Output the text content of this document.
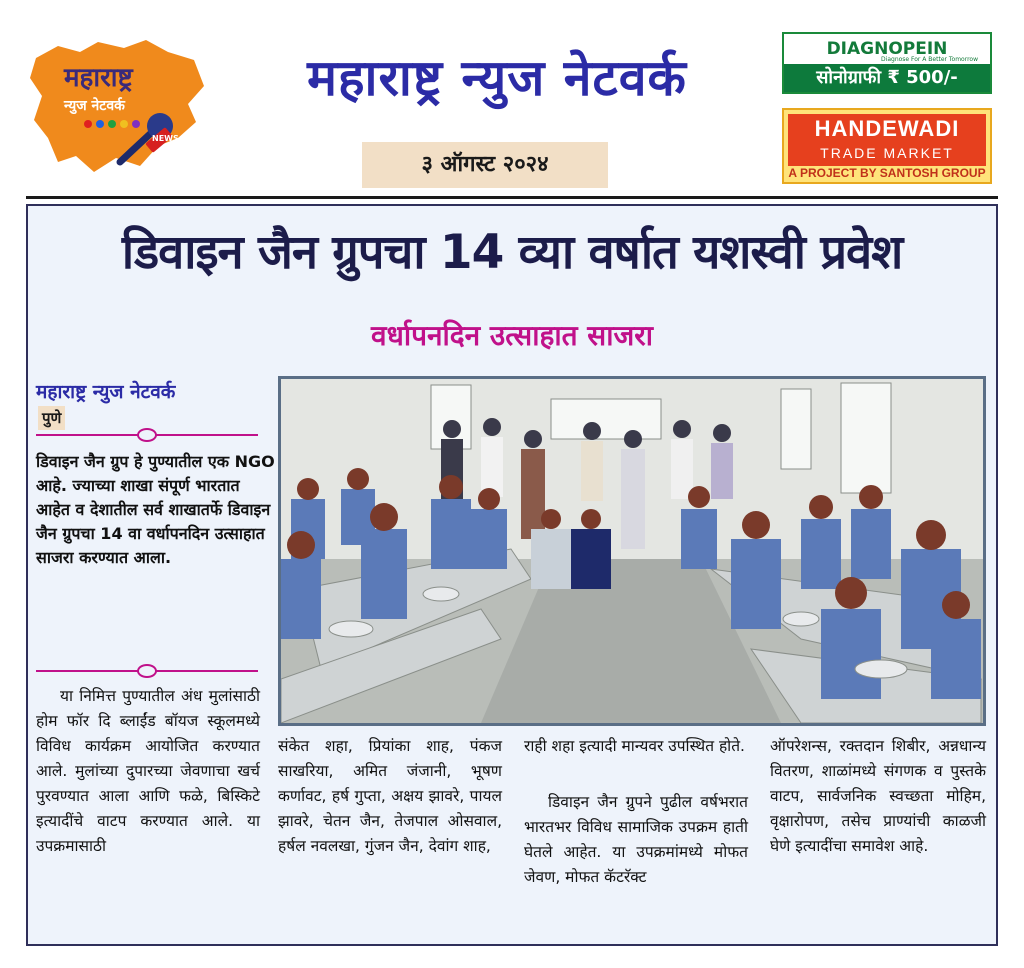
महाराष्ट्र
न्युज नेटवर्क
NEWS
महाराष्ट्र न्युज नेटवर्क
३ ऑगस्ट २०२४
DIAGNOPEIN
Diagnose For A Better Tomorrow
सोनोग्राफी ₹ 500/-
HANDEWADI
TRADE MARKET
A PROJECT BY SANTOSH GROUP
डिवाइन जैन ग्रुपचा 14 व्या वर्षात यशस्वी प्रवेश
वर्धापनदिन उत्साहात साजरा
महाराष्ट्र न्युज नेटवर्क
पुणे
डिवाइन जैन ग्रुप हे पुण्यातील एक NGO आहे. ज्याच्या शाखा संपूर्ण भारतात आहेत व देशातील सर्व शाखातर्फे डिवाइन जैन ग्रुपचा 14 वा वर्धापनदिन उत्साहात साजरा करण्यात आला.
या निमित्त पुण्यातील अंध मुलांसाठी होम फॉर दि ब्लाईंड बॉयज स्कूलमध्ये विविध कार्यक्रम आयोजित करण्यात आले. मुलांच्या दुपारच्या जेवणाचा खर्च पुरवण्यात आला आणि फळे, बिस्किटे इत्यादींचे वाटप करण्यात आले. या उपक्रमासाठी
संकेत शहा, प्रियांका शाह, पंकज साखरिया, अमित जंजानी, भूषण कर्णावट, हर्ष गुप्ता, अक्षय झावरे, पायल झावरे, चेतन जैन, तेजपाल ओसवाल, हर्षल नवलखा, गुंजन जैन, देवांग शाह,
राही शहा इत्यादी मान्यवर उपस्थित होते.
डिवाइन जैन ग्रुपने पुढील वर्षभरात भारतभर विविध सामाजिक उपक्रम हाती घेतले आहेत. या उपक्रमांमध्ये मोफत जेवण, मोफत कॅटरॅक्ट
ऑपरेशन्स, रक्तदान शिबीर, अन्नधान्य वितरण, शाळांमध्ये संगणक व पुस्तके वाटप, सार्वजनिक स्वच्छता मोहिम, वृक्षारोपण, तसेच प्राण्यांची काळजी घेणे इत्यादींचा समावेश आहे.
